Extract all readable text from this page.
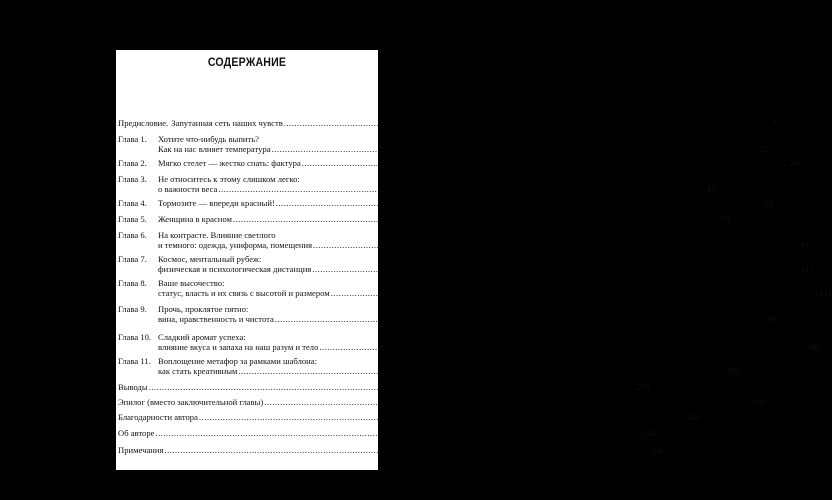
СОДЕРЖАНИЕ
Предисловие. Запутанная сеть наших чувств .....	7
Глава 1.	Хотите что-нибудь выпить?
Как на нас влияет температура .....	15
Глава 2.	Мягко стелет — жестко спать: фактура .....	29
Глава 3.	Не относитесь к этому слишком легко:
о важности веса .....	45
Глава 4.	Тормозите — впереди красный! .....	59
Глава 5.	Женщина в красном .....	73
Глава 6.	На контрасте. Влияние светлого
и темного: одежда, униформа, помещения .....	91
Глава 7.	Космос, ментальный рубеж:
физическая и психологическая дистанция .....	115
Глава 8.	Ваше высочество:
статус, власть и их связь с высотой и размером .....	131
Глава 9.	Прочь, проклятое пятно:
вина, нравственность и чистота .....	159
Глава 10. Сладкий аромат успеха:
влияние вкуса и запаха на наш разум и тело .....	189
Глава 11. Воплощение метафор за рамками шаблона:
как стать креативным .....	209
Выводы .....	229
Эпилог (вместо заключительной главы) .....	231
Благодарности автора .....	241
Об авторе .....	245
Примечания .....	247
